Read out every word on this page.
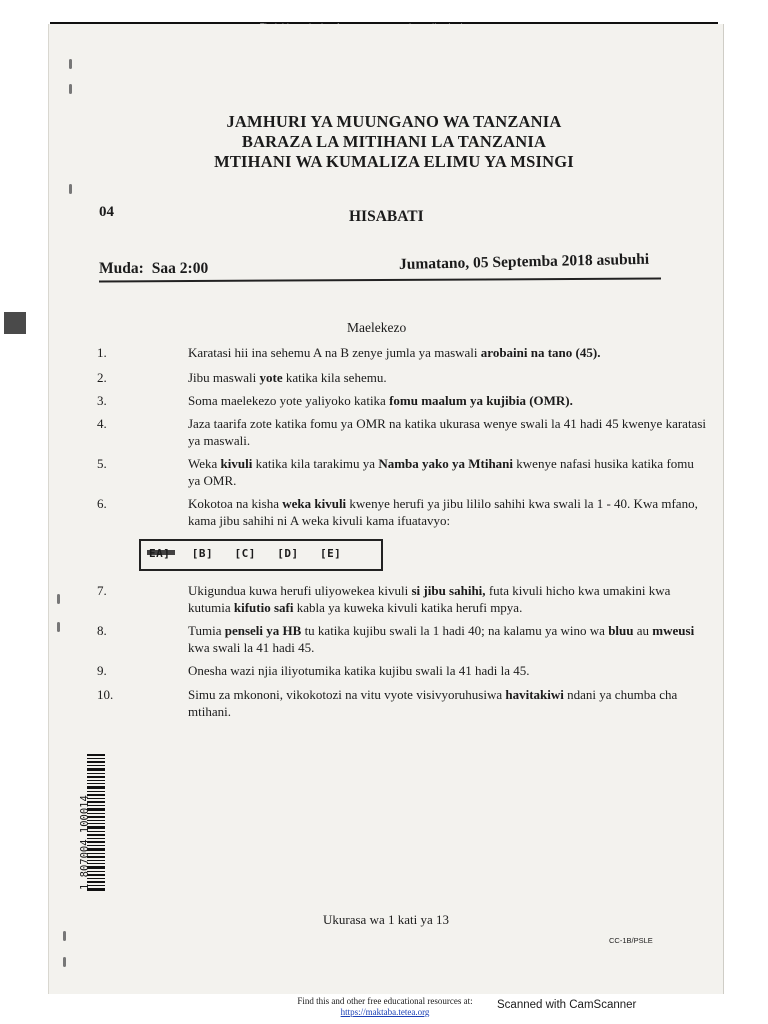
JAMHURI YA MUUNGANO WA TANZANIA
BARAZA LA MITIHANI LA TANZANIA
MTIHANI WA KUMALIZA ELIMU YA MSINGI
04	HISABATI
Muda: Saa 2:00	Jumatano, 05 Septemba 2018 asubuhi
Maelekezo
1.	Karatasi hii ina sehemu A na B zenye jumla ya maswali arobaini na tano (45).
2.	Jibu maswali yote katika kila sehemu.
3.	Soma maelekezo yote yaliyoko katika fomu maalum ya kujibia (OMR).
4.	Jaza taarifa zote katika fomu ya OMR na katika ukurasa wenye swali la 41 hadi 45 kwenye karatasi ya maswali.
5.	Weka kivuli katika kila tarakimu ya Namba yako ya Mtihani kwenye nafasi husika katika fomu ya OMR.
6.	Kokotoa na kisha weka kivuli kwenye herufi ya jibu lililo sahihi kwa swali la 1 - 40. Kwa mfano, kama jibu sahihi ni A weka kivuli kama ifuatavyo:
EA]   [B]   [C]   [D]   [E]
7.	Ukigundua kuwa herufi uliyowekea kivuli si jibu sahihi, futa kivuli hicho kwa umakini kwa kutumia kifutio safi kabla ya kuweka kivuli katika herufi mpya.
8.	Tumia penseli ya HB tu katika kujibu swali la 1 hadi 40; na kalamu ya wino wa bluu au mweusi kwa swali la 41 hadi 45.
9.	Onesha wazi njia iliyotumika katika kujibu swali la 41 hadi la 45.
10.	Simu za mkononi, vikokotozi na vitu vyote visivyoruhusiwa havitakiwi ndani ya chumba cha mtihani.
1 807004 100014
Ukurasa wa 1 kati ya 13
CC-1B/PSLE
Find this and other free educational resources at:
https://maktaba.tetea.org
Scanned with CamScanner
